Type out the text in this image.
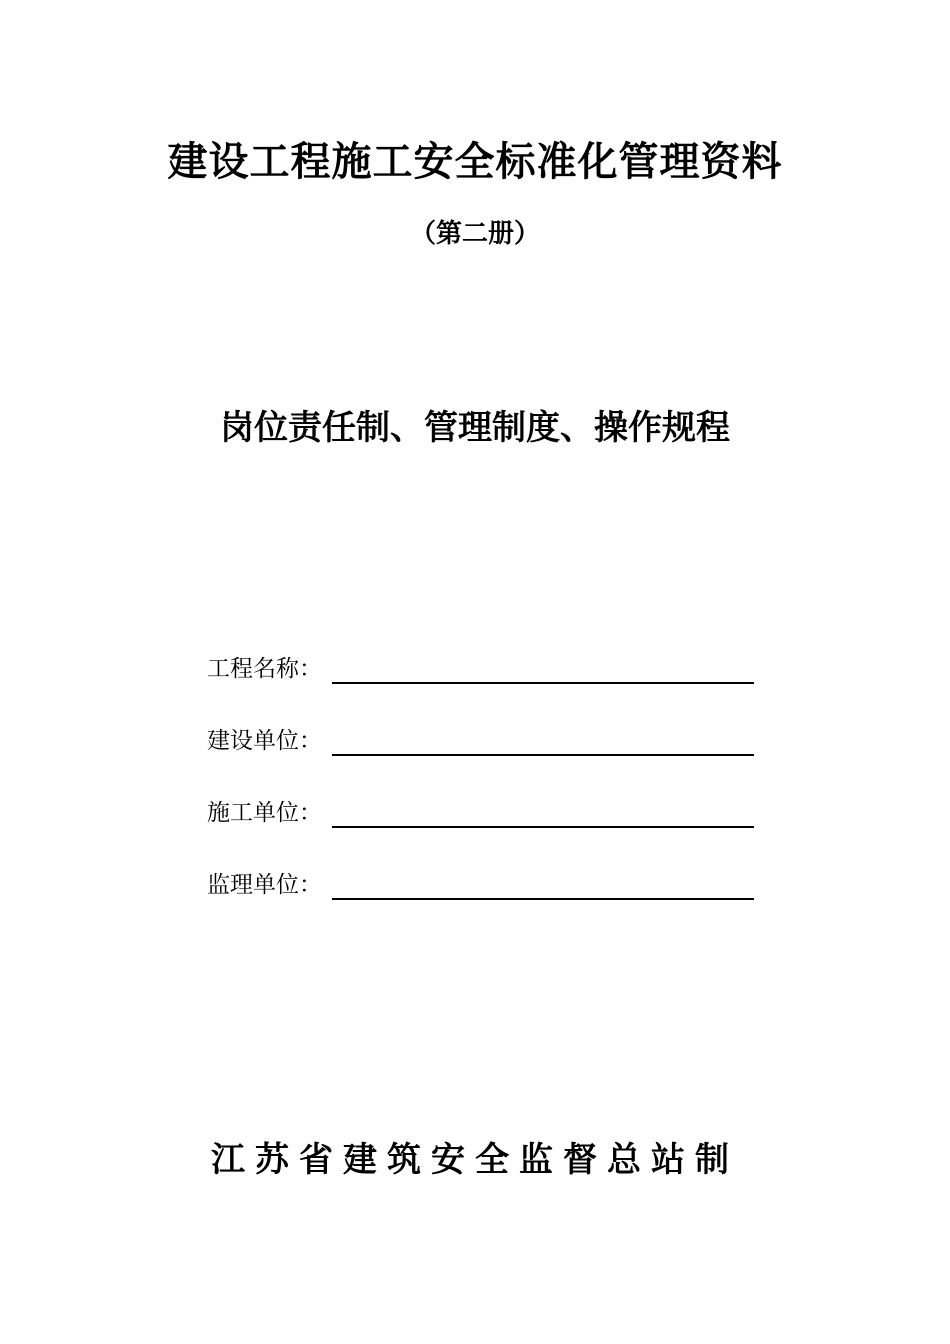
建设工程施工安全标准化管理资料
（第二册）
岗位责任制、管理制度、操作规程
工程名称：
建设单位：
施工单位：
监理单位：
江苏省建筑安全监督总站制
